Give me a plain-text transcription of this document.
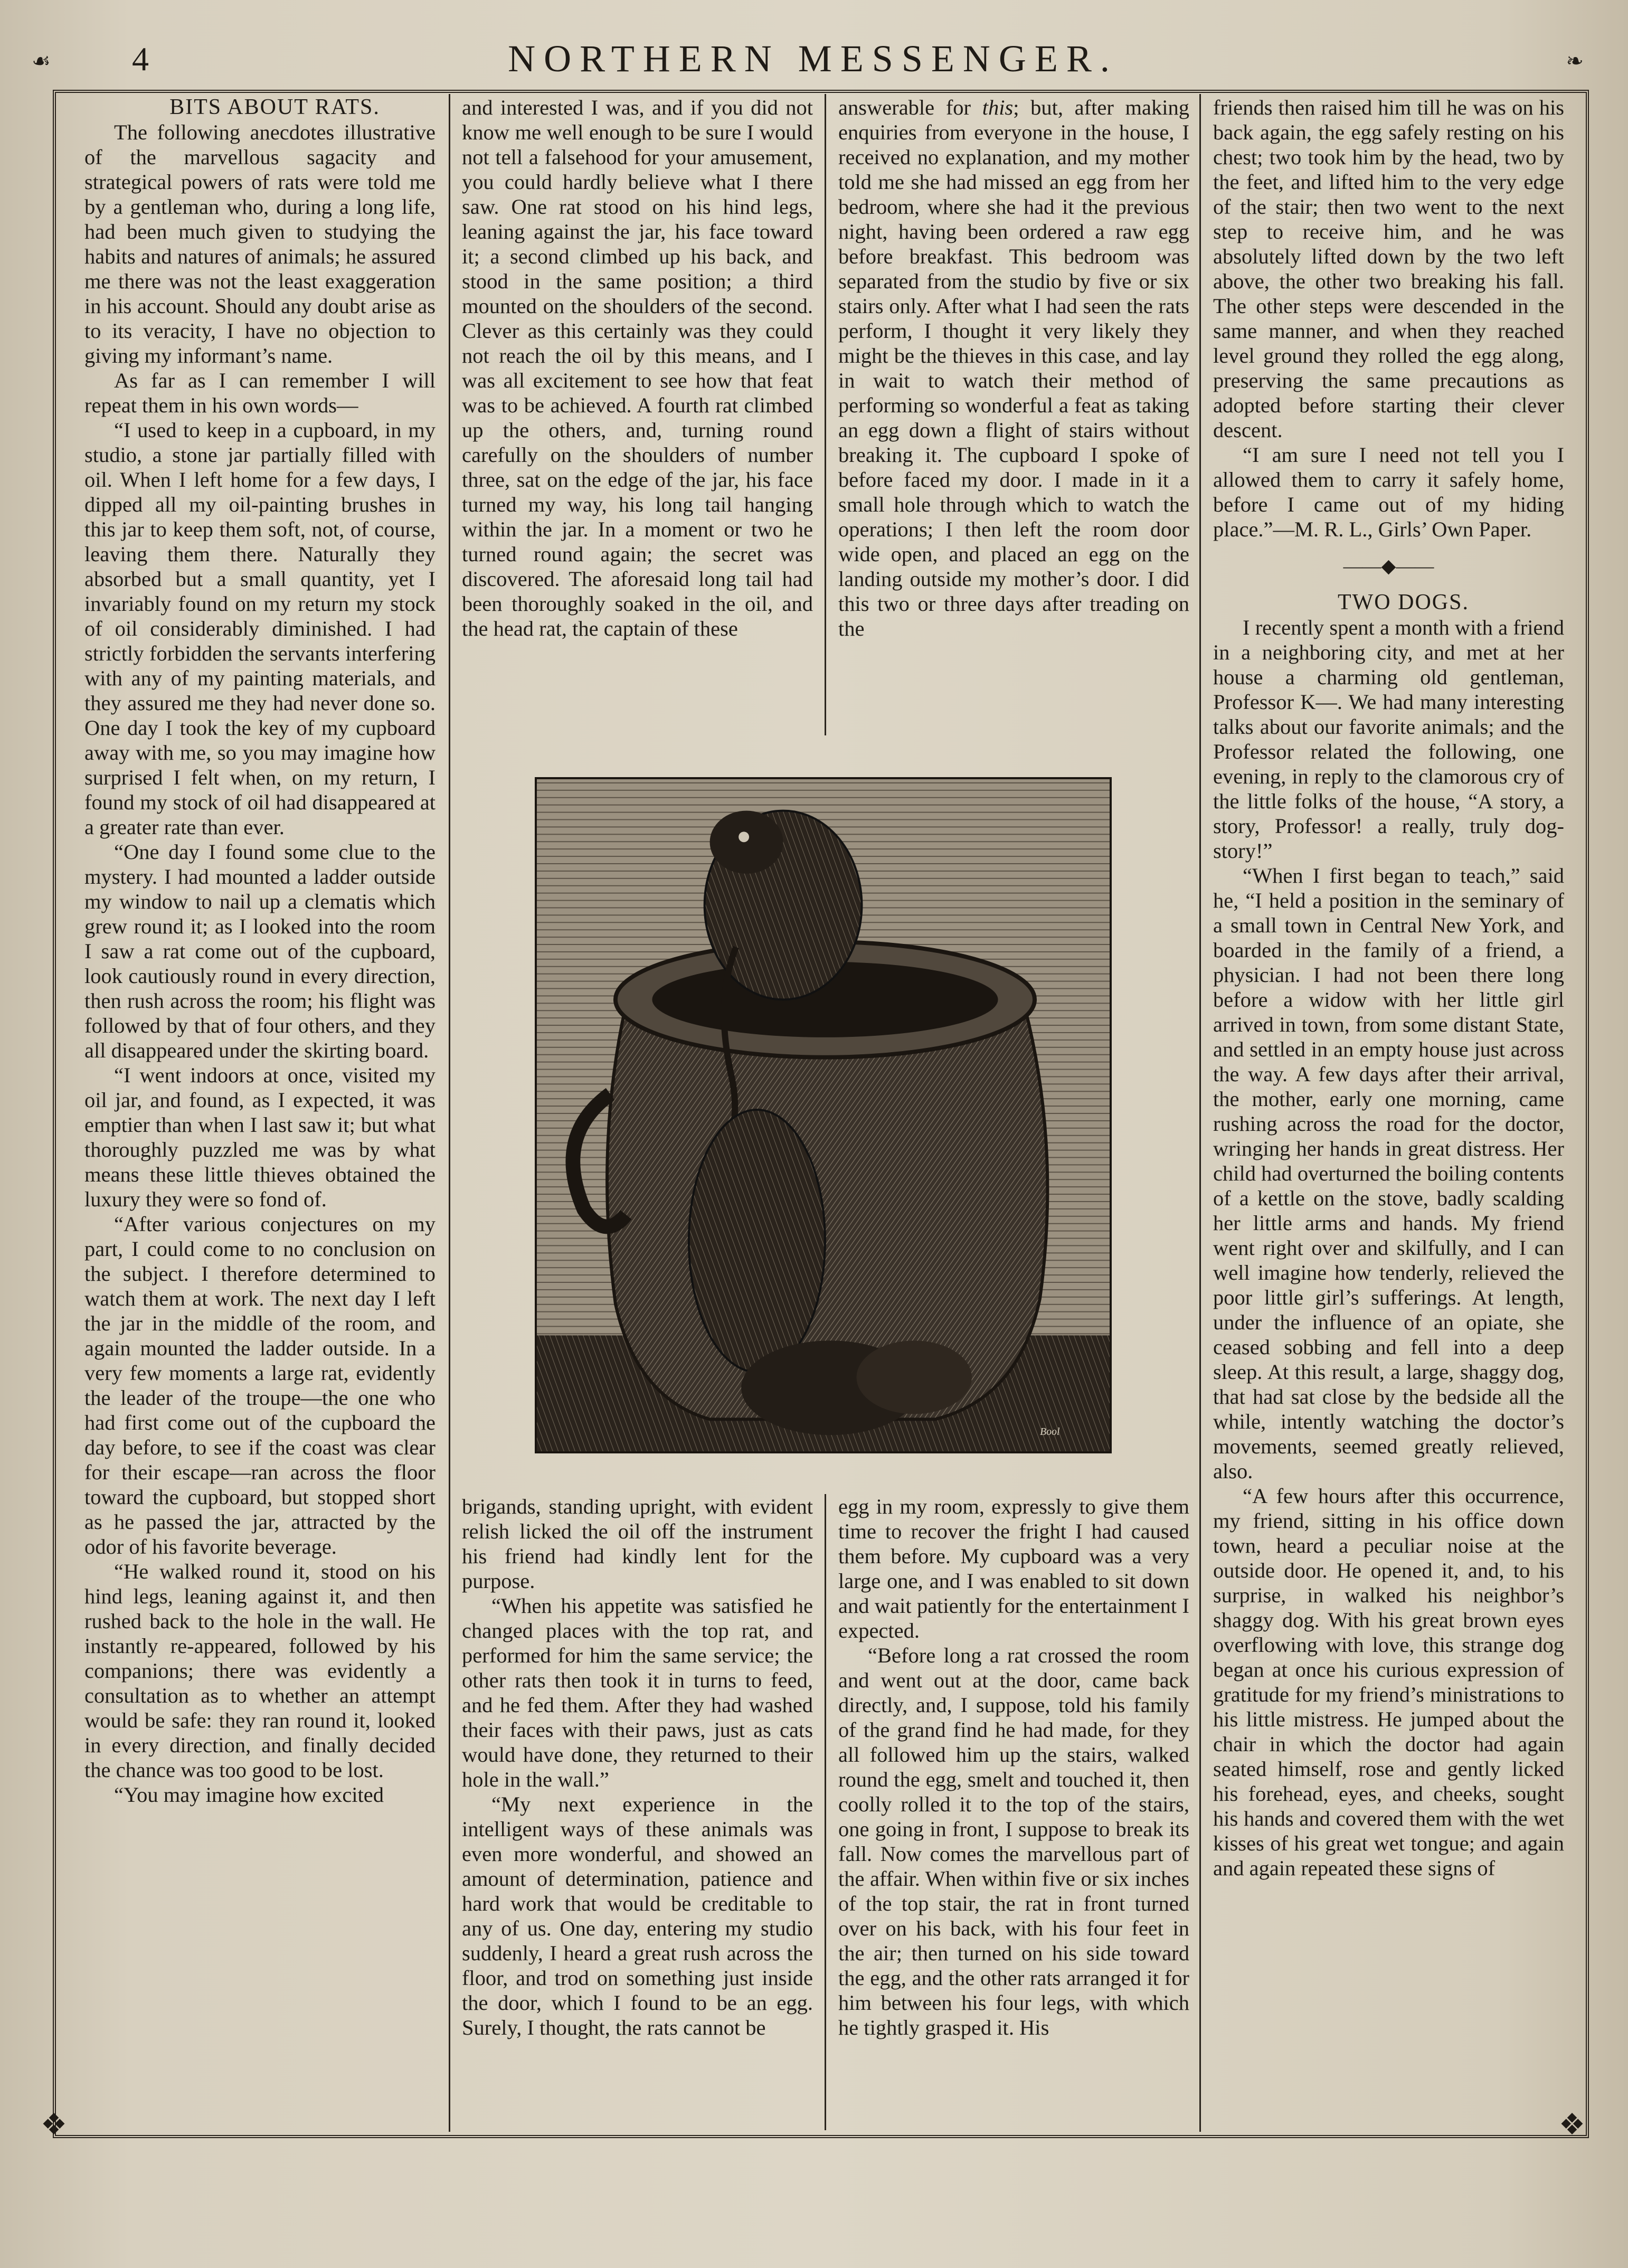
☙ 4	NORTHERN MESSENGER.	❧
❖	❖

BITS ABOUT RATS.

The following anecdotes illustrative of the marvellous sagacity and strategical powers of rats were told me by a gentleman who, during a long life, had been much given to studying the habits and natures of animals; he assured me there was not the least exaggeration in his account. Should any doubt arise as to its veracity, I have no objection to giving my informant’s name.

As far as I can remember I will repeat them in his own words—

“I used to keep in a cupboard, in my studio, a stone jar partially filled with oil. When I left home for a few days, I dipped all my oil-painting brushes in this jar to keep them soft, not, of course, leaving them there. Naturally they absorbed but a small quantity, yet I invariably found on my return my stock of oil considerably diminished. I had strictly forbidden the servants interfering with any of my painting materials, and they assured me they had never done so. One day I took the key of my cupboard away with me, so you may imagine how surprised I felt when, on my return, I found my stock of oil had disappeared at a greater rate than ever.

“One day I found some clue to the mystery. I had mounted a ladder outside my window to nail up a clematis which grew round it; as I looked into the room I saw a rat come out of the cupboard, look cautiously round in every direction, then rush across the room; his flight was followed by that of four others, and they all disappeared under the skirting board.

“I went indoors at once, visited my oil jar, and found, as I expected, it was emptier than when I last saw it; but what thoroughly puzzled me was by what means these little thieves obtained the luxury they were so fond of.

“After various conjectures on my part, I could come to no conclusion on the subject. I therefore determined to watch them at work. The next day I left the jar in the middle of the room, and again mounted the ladder outside. In a very few moments a large rat, evidently the leader of the troupe—the one who had first come out of the cupboard the day before, to see if the coast was clear for their escape—ran across the floor toward the cupboard, but stopped short as he passed the jar, attracted by the odor of his favorite beverage.

“He walked round it, stood on his hind legs, leaning against it, and then rushed back to the hole in the wall. He instantly re-appeared, followed by his companions; there was evidently a consultation as to whether an attempt would be safe: they ran round it, looked in every direction, and finally decided the chance was too good to be lost.

“You may imagine how excited

and interested I was, and if you did not know me well enough to be sure I would not tell a falsehood for your amusement, you could hardly believe what I there saw. One rat stood on his hind legs, leaning against the jar, his face toward it; a second climbed up his back, and stood in the same position; a third mounted on the shoulders of the second. Clever as this certainly was they could not reach the oil by this means, and I was all excitement to see how that feat was to be achieved. A fourth rat climbed up the others, and, turning round carefully on the shoulders of number three, sat on the edge of the jar, his face turned my way, his long tail hanging within the jar. In a moment or two he turned round again; the secret was discovered. The aforesaid long tail had been thoroughly soaked in the oil, and the head rat, the captain of these

answerable for this; but, after making enquiries from everyone in the house, I received no explanation, and my mother told me she had missed an egg from her bedroom, where she had it the previous night, having been ordered a raw egg before breakfast. This bedroom was separated from the studio by five or six stairs only. After what I had seen the rats perform, I thought it very likely they might be the thieves in this case, and lay in wait to watch their method of performing so wonderful a feat as taking an egg down a flight of stairs without breaking it. The cupboard I spoke of before faced my door. I made in it a small hole through which to watch the operations; I then left the room door wide open, and placed an egg on the landing outside my mother’s door. I did this two or three days after treading on the

Bool

brigands, standing upright, with evident relish licked the oil off the instrument his friend had kindly lent for the purpose.

“When his appetite was satisfied he changed places with the top rat, and performed for him the same service; the other rats then took it in turns to feed, and he fed them. After they had washed their faces with their paws, just as cats would have done, they returned to their hole in the wall.”

“My next experience in the intelligent ways of these animals was even more wonderful, and showed an amount of determination, patience and hard work that would be creditable to any of us. One day, entering my studio suddenly, I heard a great rush across the floor, and trod on something just inside the door, which I found to be an egg. Surely, I thought, the rats cannot be

egg in my room, expressly to give them time to recover the fright I had caused them before. My cupboard was a very large one, and I was enabled to sit down and wait patiently for the entertainment I expected.

“Before long a rat crossed the room and went out at the door, came back directly, and, I suppose, told his family of the grand find he had made, for they all followed him up the stairs, walked round the egg, smelt and touched it, then coolly rolled it to the top of the stairs, one going in front, I suppose to break its fall. Now comes the marvellous part of the affair. When within five or six inches of the top stair, the rat in front turned over on his back, with his four feet in the air; then turned on his side toward the egg, and the other rats arranged it for him between his four legs, with which he tightly grasped it. His

friends then raised him till he was on his back again, the egg safely resting on his chest; two took him by the head, two by the feet, and lifted him to the very edge of the stair; then two went to the next step to receive him, and he was absolutely lifted down by the two left above, the other two breaking his fall. The other steps were descended in the same manner, and when they reached level ground they rolled the egg along, preserving the same precautions as adopted before starting their clever descent.

“I am sure I need not tell you I allowed them to carry it safely home, before I came out of my hiding place.”—M. R. L., Girls’ Own Paper.

——◆——

TWO DOGS.

I recently spent a month with a friend in a neighboring city, and met at her house a charming old gentleman, Professor K—. We had many interesting talks about our favorite animals; and the Professor related the following, one evening, in reply to the clamorous cry of the little folks of the house, “A story, a story, Professor! a really, truly dog-story!”

“When I first began to teach,” said he, “I held a position in the seminary of a small town in Central New York, and boarded in the family of a friend, a physician. I had not been there long before a widow with her little girl arrived in town, from some distant State, and settled in an empty house just across the way. A few days after their arrival, the mother, early one morning, came rushing across the road for the doctor, wringing her hands in great distress. Her child had overturned the boiling contents of a kettle on the stove, badly scalding her little arms and hands. My friend went right over and skilfully, and I can well imagine how tenderly, relieved the poor little girl’s sufferings. At length, under the influence of an opiate, she ceased sobbing and fell into a deep sleep. At this result, a large, shaggy dog, that had sat close by the bedside all the while, intently watching the doctor’s movements, seemed greatly relieved, also.

“A few hours after this occurrence, my friend, sitting in his office down town, heard a peculiar noise at the outside door. He opened it, and, to his surprise, in walked his neighbor’s shaggy dog. With his great brown eyes overflowing with love, this strange dog began at once his curious expression of gratitude for my friend’s ministrations to his little mistress. He jumped about the chair in which the doctor had again seated himself, rose and gently licked his forehead, eyes, and cheeks, sought his hands and covered them with the wet kisses of his great wet tongue; and again and again repeated these signs of
